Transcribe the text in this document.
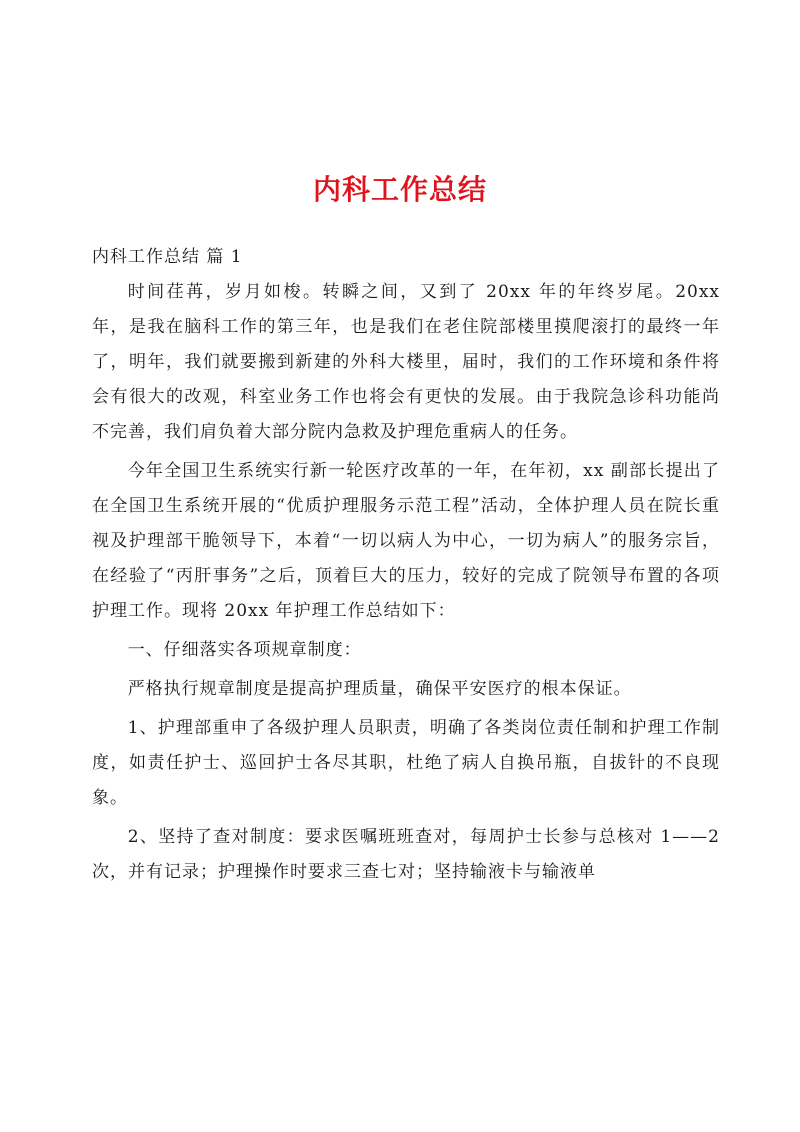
内科工作总结

内科工作总结 篇 1

时间荏苒，岁月如梭。转瞬之间，又到了 20xx 年的年终岁尾。20xx 年，是我在脑科工作的第三年，也是我们在老住院部楼里摸爬滚打的最终一年了，明年，我们就要搬到新建的外科大楼里，届时，我们的工作环境和条件将会有很大的改观，科室业务工作也将会有更快的发展。由于我院急诊科功能尚不完善，我们肩负着大部分院内急救及护理危重病人的任务。

今年全国卫生系统实行新一轮医疗改革的一年，在年初，xx 副部长提出了在全国卫生系统开展的“优质护理服务示范工程”活动，全体护理人员在院长重视及护理部干脆领导下，本着“一切以病人为中心，一切为病人”的服务宗旨，在经验了“丙肝事务”之后，顶着巨大的压力，较好的完成了院领导布置的各项护理工作。现将 20xx 年护理工作总结如下：

一、仔细落实各项规章制度：

严格执行规章制度是提高护理质量，确保平安医疗的根本保证。

1、护理部重申了各级护理人员职责，明确了各类岗位责任制和护理工作制度，如责任护士、巡回护士各尽其职，杜绝了病人自换吊瓶，自拔针的不良现象。

2、坚持了查对制度：要求医嘱班班查对，每周护士长参与总核对 1——2 次，并有记录；护理操作时要求三查七对；坚持输液卡与输液单
